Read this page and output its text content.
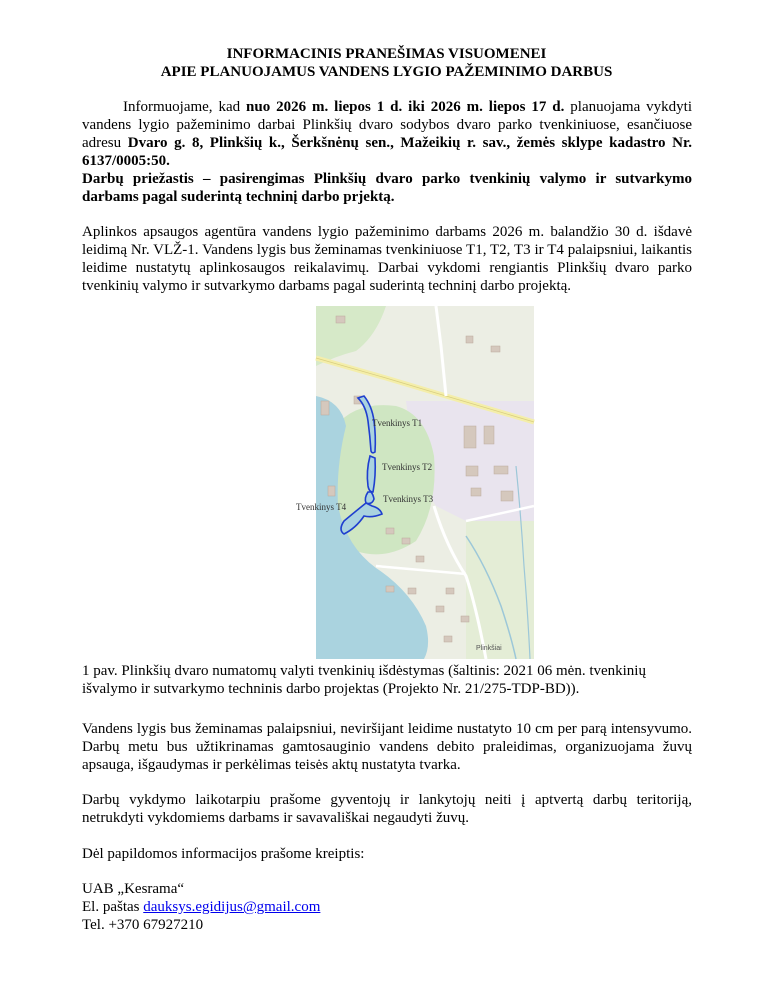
INFORMACINIS PRANEŠIMAS VISUOMENEI
APIE PLANUOJAMUS VANDENS LYGIO PAŽEMINIMO DARBUS
Informuojame, kad nuo 2026 m. liepos 1 d. iki 2026 m. liepos 17 d. planuojama vykdyti vandens lygio pažeminimo darbai Plinkšių dvaro sodybos dvaro parko tvenkiniuose, esančiuose adresu Dvaro g. 8, Plinkšių k., Šerkšnėnų sen., Mažeikių r. sav., žemės sklype kadastro Nr. 6137/0005:50.
Darbų priežastis – pasirengimas Plinkšių dvaro parko tvenkinių valymo ir sutvarkymo darbams pagal suderintą techninį darbo prjektą.
Aplinkos apsaugos agentūra vandens lygio pažeminimo darbams 2026 m. balandžio 30 d. išdavė leidimą Nr. VLŽ-1. Vandens lygis bus žeminamas tvenkiniuose T1, T2, T3 ir T4 palaipsniui, laikantis leidime nustatytų aplinkosaugos reikalavimų. Darbai vykdomi rengiantis Plinkšių dvaro parko tvenkinių valymo ir sutvarkymo darbams pagal suderintą techninį darbo projektą.
Tvenkinys T1
Tvenkinys T2
Tvenkinys T3
Tvenkinys T4
Plinkšiai
1 pav. Plinkšių dvaro numatomų valyti tvenkinių išdėstymas (šaltinis: 2021 06 mėn. tvenkinių išvalymo ir sutvarkymo techninis darbo projektas (Projekto Nr. 21/275-TDP-BD)).
Vandens lygis bus žeminamas palaipsniui, neviršijant leidime nustatyto 10 cm per parą intensyvumo. Darbų metu bus užtikrinamas gamtosauginio vandens debito praleidimas, organizuojama žuvų apsauga, išgaudymas ir perkėlimas teisės aktų nustatyta tvarka.
Darbų vykdymo laikotarpiu prašome gyventojų ir lankytojų neiti į aptvertą darbų teritoriją, netrukdyti vykdomiems darbams ir savavališkai negaudyti žuvų.
Dėl papildomos informacijos prašome kreiptis:
UAB „Kesrama“
El. paštas dauksys.egidijus@gmail.com
Tel. +370 67927210
